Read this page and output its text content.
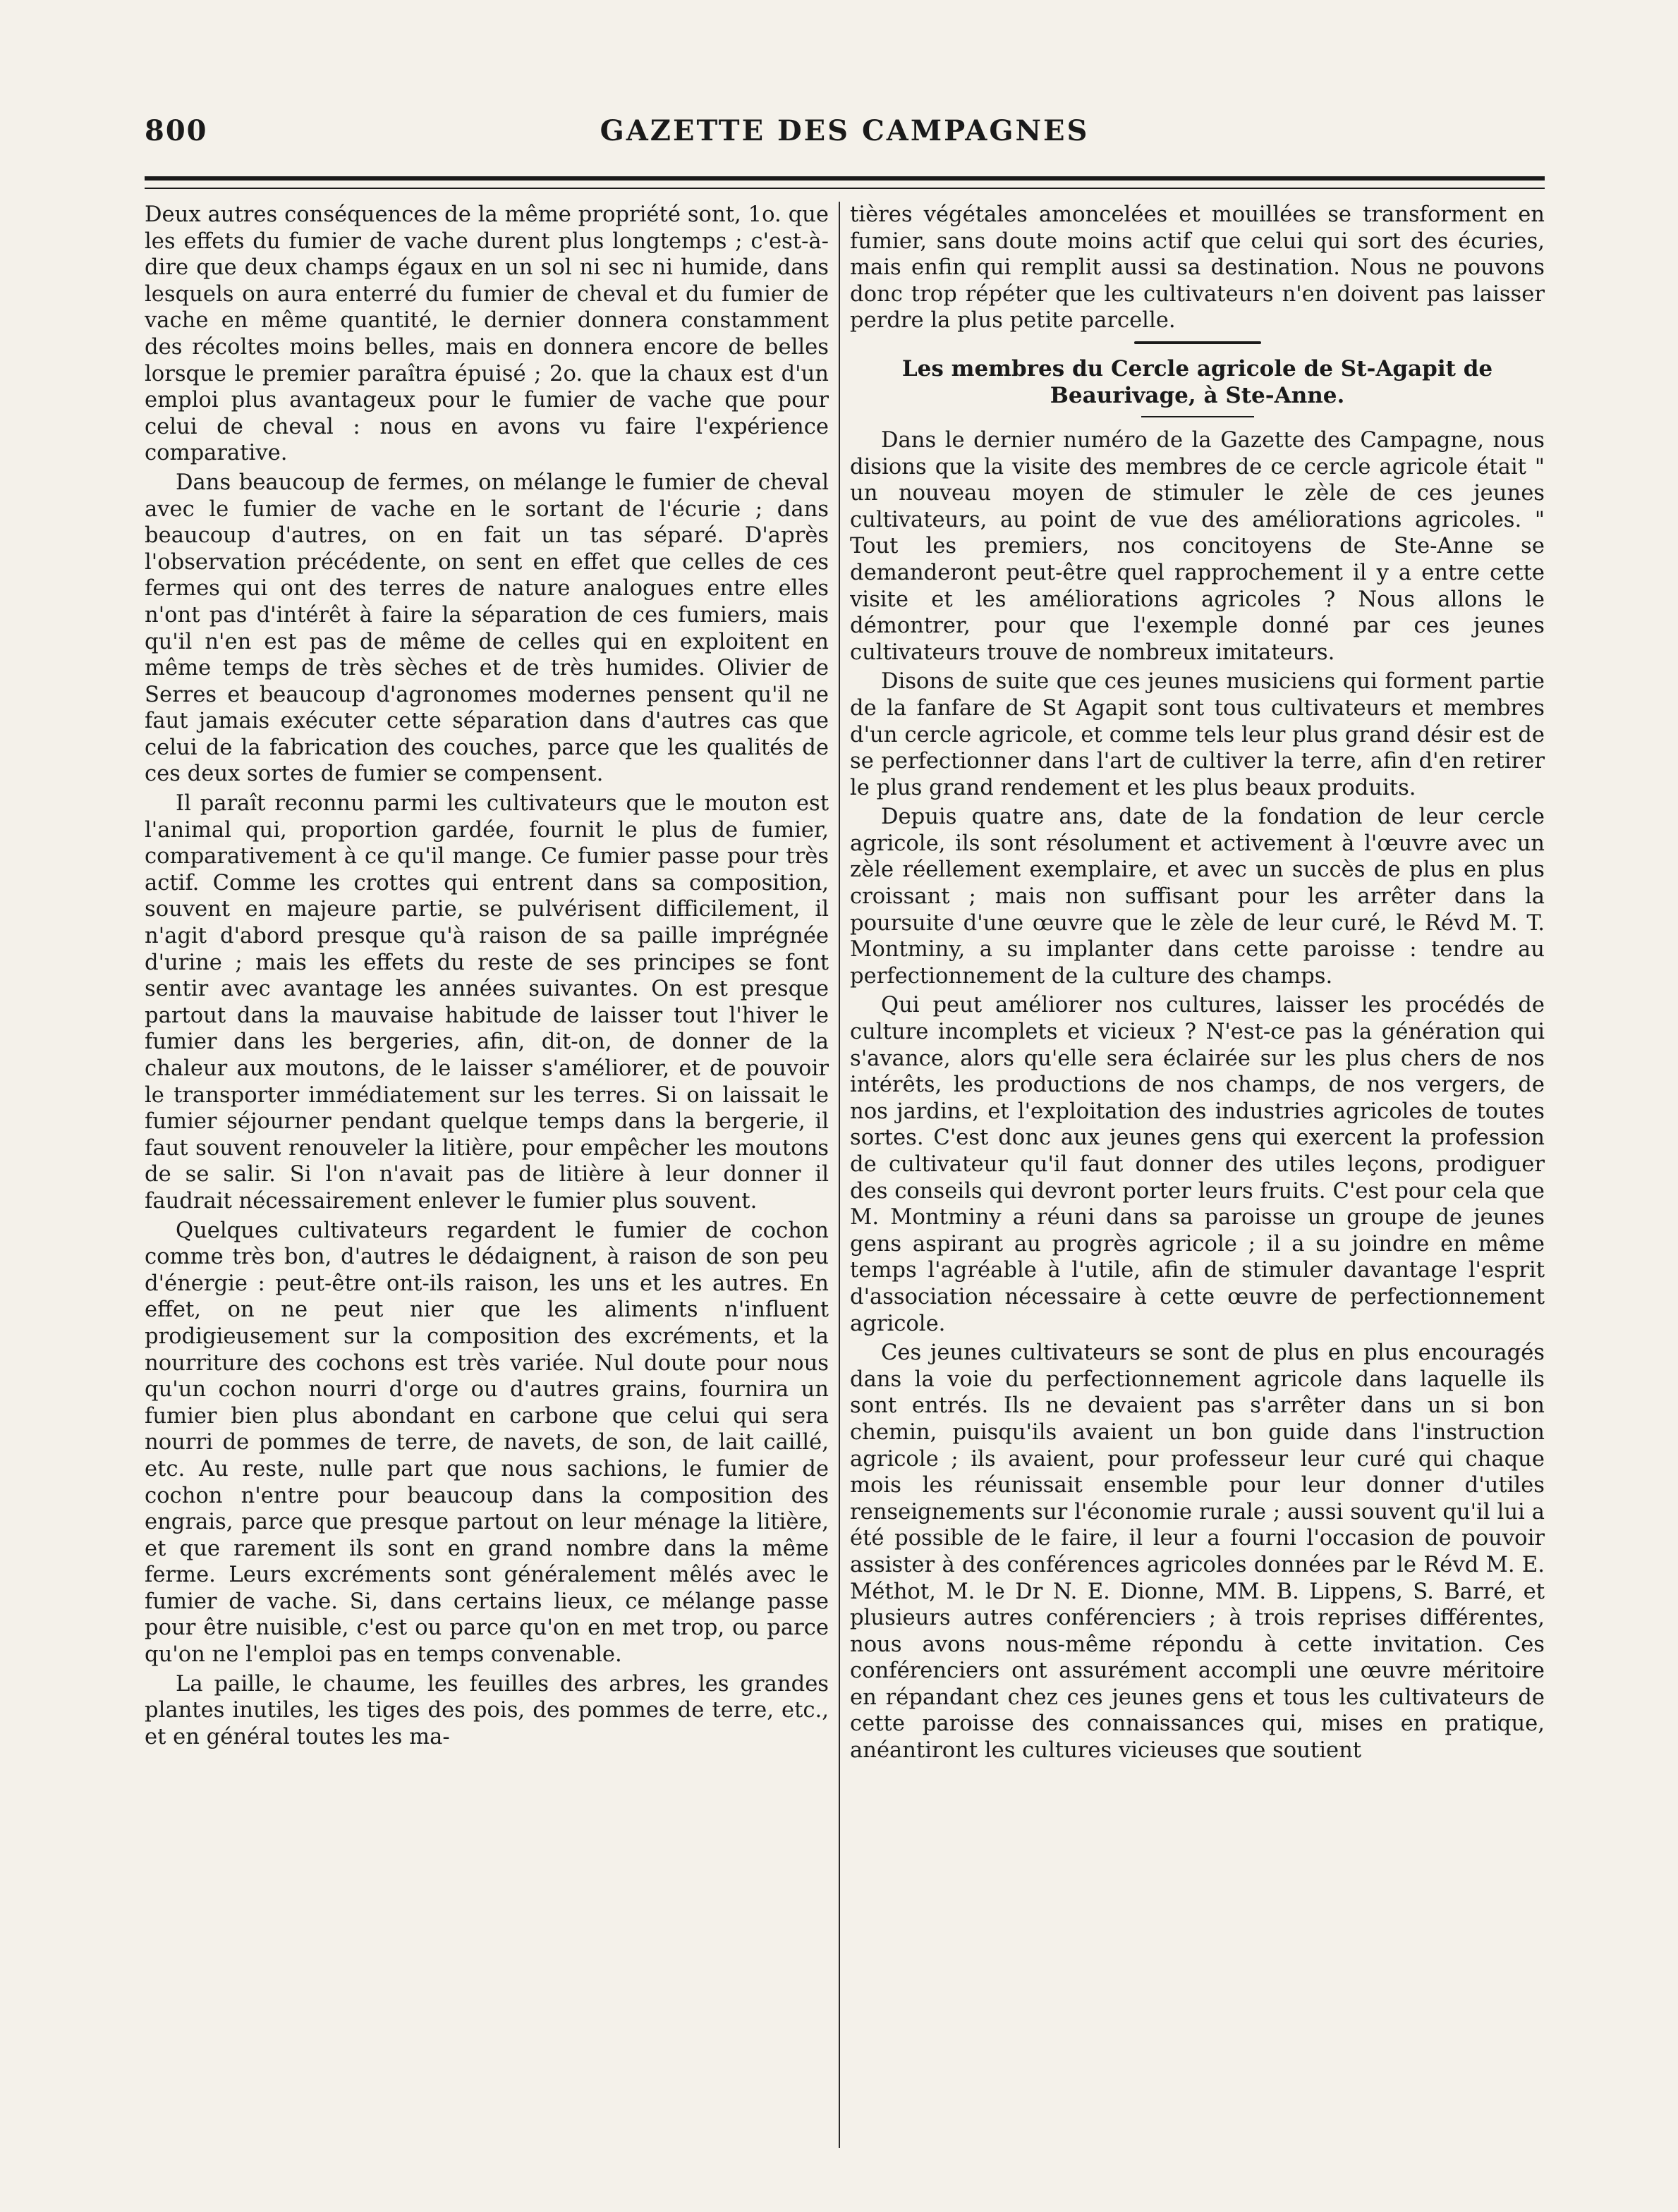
800	GAZETTE DES CAMPAGNES

Deux autres conséquences de la même propriété sont, 1o. que les effets du fumier de vache durent plus longtemps ; c'est-à-dire que deux champs égaux en un sol ni sec ni humide, dans lesquels on aura enterré du fumier de cheval et du fumier de vache en même quantité, le dernier donnera constamment des récoltes moins belles, mais en donnera encore de belles lorsque le premier paraîtra épuisé ; 2o. que la chaux est d'un emploi plus avantageux pour le fumier de vache que pour celui de cheval : nous en avons vu faire l'expérience comparative.

Dans beaucoup de fermes, on mélange le fumier de cheval avec le fumier de vache en le sortant de l'écurie ; dans beaucoup d'autres, on en fait un tas séparé. D'après l'observation précédente, on sent en effet que celles de ces fermes qui ont des terres de nature analogues entre elles n'ont pas d'intérêt à faire la séparation de ces fumiers, mais qu'il n'en est pas de même de celles qui en exploitent en même temps de très sèches et de très humides. Olivier de Serres et beaucoup d'agronomes modernes pensent qu'il ne faut jamais exécuter cette séparation dans d'autres cas que celui de la fabrication des couches, parce que les qualités de ces deux sortes de fumier se compensent.

Il paraît reconnu parmi les cultivateurs que le mouton est l'animal qui, proportion gardée, fournit le plus de fumier, comparativement à ce qu'il mange. Ce fumier passe pour très actif. Comme les crottes qui entrent dans sa composition, souvent en majeure partie, se pulvérisent difficilement, il n'agit d'abord presque qu'à raison de sa paille imprégnée d'urine ; mais les effets du reste de ses principes se font sentir avec avantage les années suivantes. On est presque partout dans la mauvaise habitude de laisser tout l'hiver le fumier dans les bergeries, afin, dit-on, de donner de la chaleur aux moutons, de le laisser s'améliorer, et de pouvoir le transporter immédiatement sur les terres. Si on laissait le fumier séjourner pendant quelque temps dans la bergerie, il faut souvent renouveler la litière, pour empêcher les moutons de se salir. Si l'on n'avait pas de litière à leur donner il faudrait nécessairement enlever le fumier plus souvent.

Quelques cultivateurs regardent le fumier de cochon comme très bon, d'autres le dédaignent, à raison de son peu d'énergie : peut-être ont-ils raison, les uns et les autres. En effet, on ne peut nier que les aliments n'influent prodigieusement sur la composition des excréments, et la nourriture des cochons est très variée. Nul doute pour nous qu'un cochon nourri d'orge ou d'autres grains, fournira un fumier bien plus abondant en carbone que celui qui sera nourri de pommes de terre, de navets, de son, de lait caillé, etc. Au reste, nulle part que nous sachions, le fumier de cochon n'entre pour beaucoup dans la composition des engrais, parce que presque partout on leur ménage la litière, et que rarement ils sont en grand nombre dans la même ferme. Leurs excréments sont généralement mêlés avec le fumier de vache. Si, dans certains lieux, ce mélange passe pour être nuisible, c'est ou parce qu'on en met trop, ou parce qu'on ne l'emploi pas en temps convenable.

La paille, le chaume, les feuilles des arbres, les grandes plantes inutiles, les tiges des pois, des pommes de terre, etc., et en général toutes les ma-

tières végétales amoncelées et mouillées se transforment en fumier, sans doute moins actif que celui qui sort des écuries, mais enfin qui remplit aussi sa destination. Nous ne pouvons donc trop répéter que les cultivateurs n'en doivent pas laisser perdre la plus petite parcelle.

Les membres du Cercle agricole de St-Agapit de Beaurivage, à Ste-Anne.

Dans le dernier numéro de la Gazette des Campagne, nous disions que la visite des membres de ce cercle agricole était " un nouveau moyen de stimuler le zèle de ces jeunes cultivateurs, au point de vue des améliorations agricoles. " Tout les premiers, nos concitoyens de Ste-Anne se demanderont peut-être quel rapprochement il y a entre cette visite et les améliorations agricoles ? Nous allons le démontrer, pour que l'exemple donné par ces jeunes cultivateurs trouve de nombreux imitateurs.

Disons de suite que ces jeunes musiciens qui forment partie de la fanfare de St Agapit sont tous cultivateurs et membres d'un cercle agricole, et comme tels leur plus grand désir est de se perfectionner dans l'art de cultiver la terre, afin d'en retirer le plus grand rendement et les plus beaux produits.

Depuis quatre ans, date de la fondation de leur cercle agricole, ils sont résolument et activement à l'œuvre avec un zèle réellement exemplaire, et avec un succès de plus en plus croissant ; mais non suffisant pour les arrêter dans la poursuite d'une œuvre que le zèle de leur curé, le Révd M. T. Montminy, a su implanter dans cette paroisse : tendre au perfectionnement de la culture des champs.

Qui peut améliorer nos cultures, laisser les procédés de culture incomplets et vicieux ? N'est-ce pas la génération qui s'avance, alors qu'elle sera éclairée sur les plus chers de nos intérêts, les productions de nos champs, de nos vergers, de nos jardins, et l'exploitation des industries agricoles de toutes sortes. C'est donc aux jeunes gens qui exercent la profession de cultivateur qu'il faut donner des utiles leçons, prodiguer des conseils qui devront porter leurs fruits. C'est pour cela que M. Montminy a réuni dans sa paroisse un groupe de jeunes gens aspirant au progrès agricole ; il a su joindre en même temps l'agréable à l'utile, afin de stimuler davantage l'esprit d'association nécessaire à cette œuvre de perfectionnement agricole.

Ces jeunes cultivateurs se sont de plus en plus encouragés dans la voie du perfectionnement agricole dans laquelle ils sont entrés. Ils ne devaient pas s'arrêter dans un si bon chemin, puisqu'ils avaient un bon guide dans l'instruction agricole ; ils avaient, pour professeur leur curé qui chaque mois les réunissait ensemble pour leur donner d'utiles renseignements sur l'économie rurale ; aussi souvent qu'il lui a été possible de le faire, il leur a fourni l'occasion de pouvoir assister à des conférences agricoles données par le Révd M. E. Méthot, M. le Dr N. E. Dionne, MM. B. Lippens, S. Barré, et plusieurs autres conférenciers ; à trois reprises différentes, nous avons nous-même répondu à cette invitation. Ces conférenciers ont assurément accompli une œuvre méritoire en répandant chez ces jeunes gens et tous les cultivateurs de cette paroisse des connaissances qui, mises en pratique, anéantiront les cultures vicieuses que soutient
